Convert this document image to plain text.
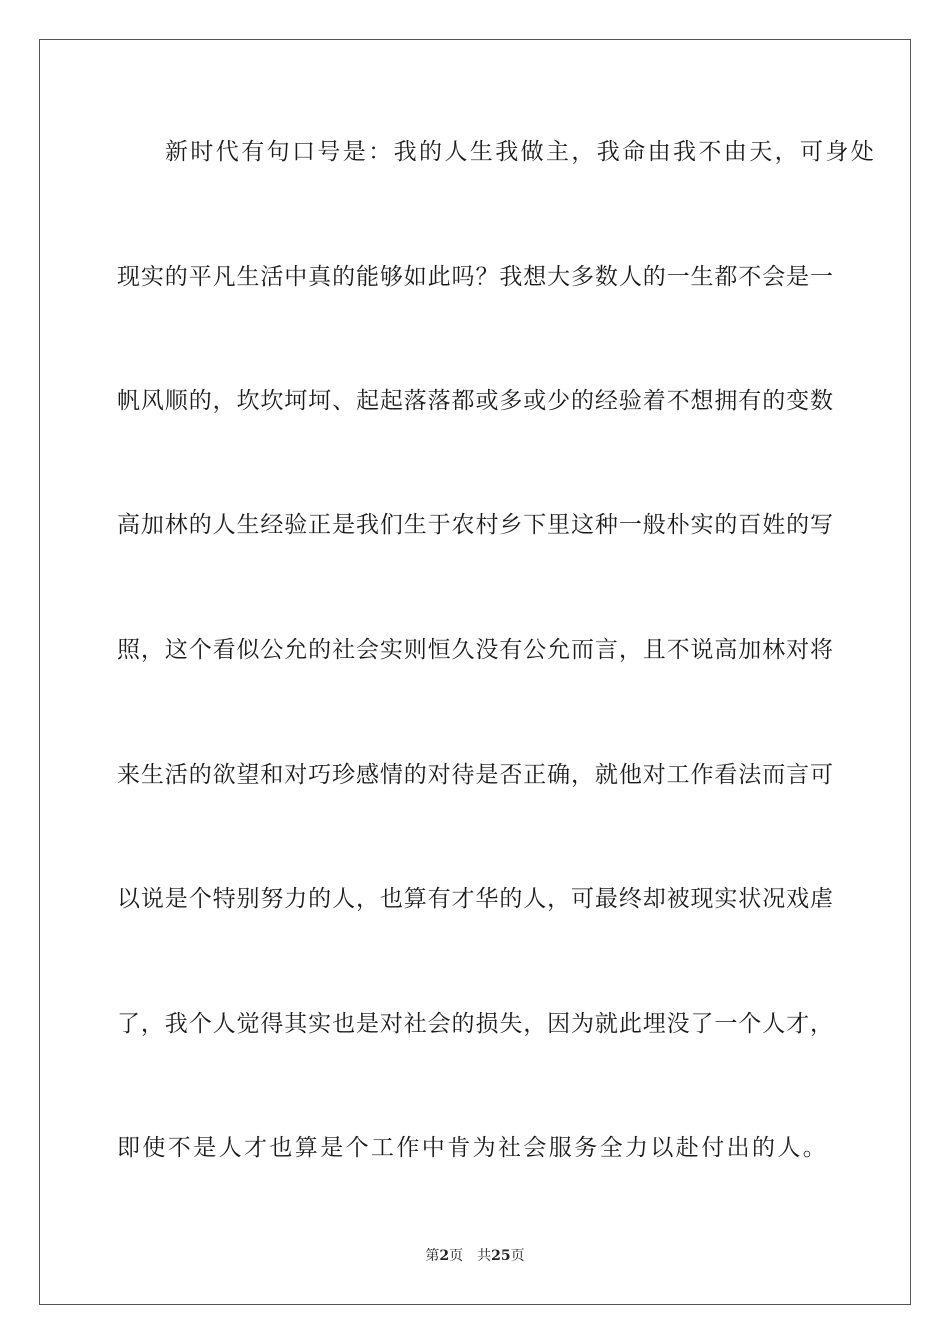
新时代有句口号是：我的人生我做主，我命由我不由天，可身处
现实的平凡生活中真的能够如此吗？我想大多数人的一生都不会是一
帆风顺的，坎坎坷坷、起起落落都或多或少的经验着不想拥有的变数
高加林的人生经验正是我们生于农村乡下里这种一般朴实的百姓的写
照，这个看似公允的社会实则恒久没有公允而言，且不说高加林对将
来生活的欲望和对巧珍感情的对待是否正确，就他对工作看法而言可
以说是个特别努力的人，也算有才华的人，可最终却被现实状况戏虐
了，我个人觉得其实也是对社会的损失，因为就此埋没了一个人才，
即使不是人才也算是个工作中肯为社会服务全力以赴付出的人。
第2页 共25页
